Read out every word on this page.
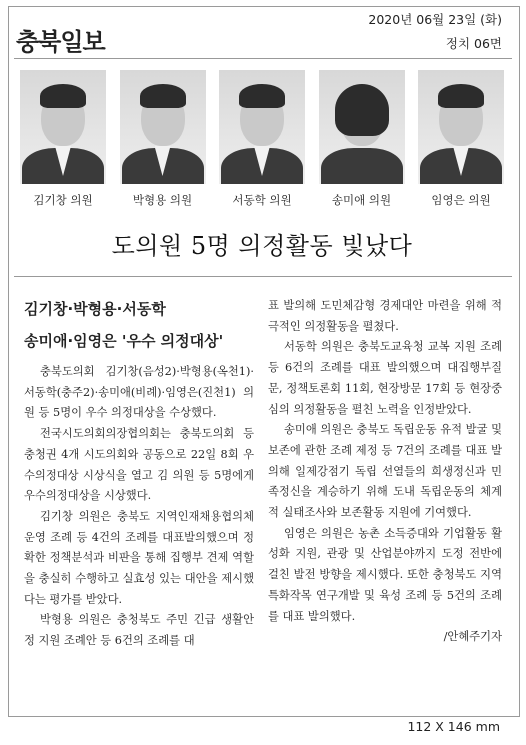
충북일보
2020년 06월 23일 (화)
정치 06면
김기창 의원	박형용 의원	서동학 의원	송미애 의원	임영은 의원
도의원 5명 의정활동 빛났다
김기창·박형용·서동학
송미애·임영은 '우수 의정대상'

충북도의회 김기창(음성2)·박형용(옥천1)·서동학(충주2)·송미애(비례)·임영은(진천1) 의원 등 5명이 우수 의정대상을 수상했다.

전국시도의회의장협의회는 충북도의회 등 충청권 4개 시도의회와 공동으로 22일 8회 우수의정대상 시상식을 열고 김 의원 등 5명에게 우수의정대상을 시상했다.

김기창 의원은 충북도 지역인재채용협의체 운영 조례 등 4건의 조례를 대표발의했으며 정확한 정책분석과 비판을 통해 집행부 견제 역할을 충실히 수행하고 실효성 있는 대안을 제시했다는 평가를 받았다.

박형용 의원은 충청북도 주민 긴급 생활안정 지원 조례안 등 6건의 조례를 대

표 발의해 도민체감형 경제대안 마련을 위해 적극적인 의정활동을 펼쳤다.

서동학 의원은 충북도교육청 교복 지원 조례 등 6건의 조례를 대표 발의했으며 대집행부질문, 정책토론회 11회, 현장방문 17회 등 현장중심의 의정활동을 펼친 노력을 인정받았다.

송미애 의원은 충북도 독립운동 유적 발굴 및 보존에 관한 조례 제정 등 7건의 조례를 대표 발의해 일제강점기 독립 선열들의 희생정신과 민족정신을 계승하기 위해 도내 독립운동의 체계적 실태조사와 보존활동 지원에 기여했다.

임영은 의원은 농촌 소득증대와 기업활동 활성화 지원, 관광 및 산업분야까지 도정 전반에 걸친 발전 방향을 제시했다. 또한 충청북도 지역특화작목 연구개발 및 육성 조례 등 5건의 조례를 대표 발의했다.

/안혜주기자

112 X 146 mm
